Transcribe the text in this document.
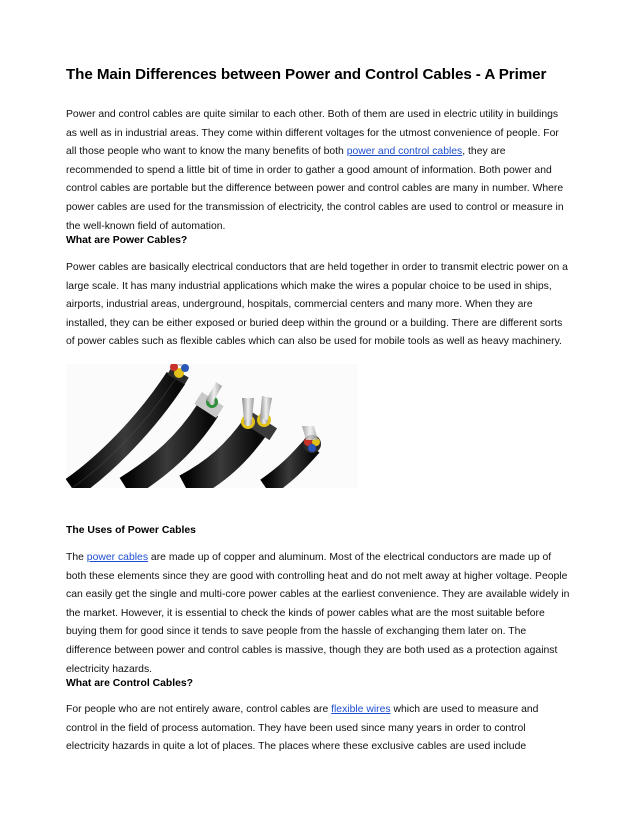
The Main Differences between Power and Control Cables - A Primer

Power and control cables are quite similar to each other. Both of them are used in electric utility in buildings as well as in industrial areas. They come within different voltages for the utmost convenience of people. For all those people who want to know the many benefits of both power and control cables, they are recommended to spend a little bit of time in order to gather a good amount of information. Both power and control cables are portable but the difference between power and control cables are many in number. Where power cables are used for the transmission of electricity, the control cables are used to control or measure in the well-known field of automation.

What are Power Cables?

Power cables are basically electrical conductors that are held together in order to transmit electric power on a large scale. It has many industrial applications which make the wires a popular choice to be used in ships, airports, industrial areas, underground, hospitals, commercial centers and many more. When they are installed, they can be either exposed or buried deep within the ground or a building. There are different sorts of power cables such as flexible cables which can also be used for mobile tools as well as heavy machinery.

The Uses of Power Cables

The power cables are made up of copper and aluminum. Most of the electrical conductors are made up of both these elements since they are good with controlling heat and do not melt away at higher voltage. People can easily get the single and multi-core power cables at the earliest convenience. They are available widely in the market. However, it is essential to check the kinds of power cables what are the most suitable before buying them for good since it tends to save people from the hassle of exchanging them later on. The difference between power and control cables is massive, though they are both used as a protection against electricity hazards.

What are Control Cables?

For people who are not entirely aware, control cables are flexible wires which are used to measure and control in the field of process automation. They have been used since many years in order to control electricity hazards in quite a lot of places. The places where these exclusive cables are used include
